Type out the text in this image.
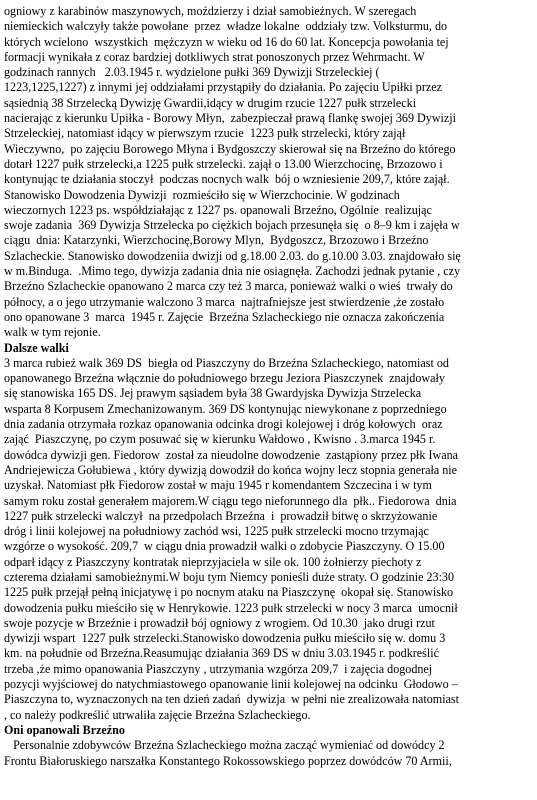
ogniowy z karabinów maszynowych, moździerzy i dział samobieżnych. W szeregach
niemieckich walczyły także powołane  przez  władze lokalne  oddziały tzw. Volksturmu, do
których wcielono  wszystkich  mężczyzn w wieku od 16 do 60 lat. Koncepcja powołania tej
formacji wynikała z coraz bardziej dotkliwych strat ponoszonych przez Wehrmacht. W
godzinach rannych   2.03.1945 r. wydzielone pułki 369 Dywizji Strzeleckiej (
1223,1225,1227) z innymi jej oddziałami przystąpiły do działania. Po zajęciu Upiłki przez
sąsiednią 38 Strzelecką Dywizję Gwardii,idący w drugim rzucie 1227 pułk strzelecki
nacierając z kierunku Upiłka - Borowy Młyn,  zabezpieczał prawą flankę swojej 369 Dywizji
Strzeleckiej, natomiast idący w pierwszym rzucie  1223 pułk strzelecki, który zajął
Wieczywno,  po zajęciu Borowego Młyna i Bydgoszczy skierował się na Brzeźno do którego
dotarł 1227 pułk strzelecki,a 1225 pułk strzelecki. zajął o 13.00 Wierzchocinę, Brzozowo i
kontynując te działania stoczył  podczas nocnych walk  bój o wzniesienie 209,7, które zajął.
Stanowisko Dowodzenia Dywizji  rozmieściło się w Wierzchocinie. W godzinach
wieczornych 1223 ps. współdziałając z 1227 ps. opanowali Brzeźno, Ogólnie  realizując
swoje zadania  369 Dywizja Strzelecka po ciężkich bojach przesunęła się  o 8–9 km i zajęła w
ciągu  dnia: Katarzynki, Wierzchocinę,Borowy Mlyn,  Bydgoszcz, Brzozowo i Brzeźno
Szlacheckie. Stanowisko dowodzeniia dwizji od g.18.00 2.03. do g.10.00 3.03. znajdowało się
w m.Binduga.  .Mimo tego, dywizja zadania dnia nie osiagnęła. Zachodzi jednak pytanie , czy
Brzeźno Szlacheckie opanowano 2 marca czy też 3 marca, ponieważ walki o wieś  trwały do
północy, a o jego utrzymanie walczono 3 marca  najtrafniejsze jest stwierdzenie ,że zostało
ono opanowane 3  marca  1945 r. Zajęcie  Brzeźna Szlacheckiego nie oznacza zakończenia
walk w tym rejonie.
Dalsze walki
3 marca rubieź walk 369 DS  biegła od Piaszczyny do Brzeźna Szlacheckiego, natomiast od
opanowanego Brzeźna włącznie do południowego brzegu Jeziora Piaszczynek  znajdowały
się stanowiska 165 DS. Jej prawym sąsiadem była 38 Gwardyjska Dywizja Strzelecka
wsparta 8 Korpusem Zmechanizowanym. 369 DS kontynując niewykonane z poprzedniego
dnia zadania otrzymała rozkaz opanowania odcinka drogi kolejowej i dróg kołowych  oraz
zająć  Piaszczynę, po czym posuwać się w kierunku Wałdowo , Kwisno . 3.marca 1945 r.
dowódca dywizji gen. Fiedorow  został za nieudolne dowodzenie  zastąpiony przez płk Iwana
Andriejewicza Gołubiewa , który dywizją dowodził do końca wojny lecz stopnia generała nie
uzyskał. Natomiast płk Fiedorow został w maju 1945 r komendantem Szczecina i w tym
samym roku został generałem majorem.W ciągu tego nieforunnego dla  płk.. Fiedorowa  dnia
1227 pułk strzelecki walczył  na przedpolach Brzeźna  i  prowadził bitwę o skrzyżowanie
dróg i linii kolejowej na południowy zachód wsi, 1225 pułk strzelecki mocno trzymając
wzgórze o wysokość. 209,7  w ciągu dnia prowadził walki o zdobycie Piaszczyny. O 15.00
odparł idący z Piaszczyny kontratak nieprzyjaciela w sile ok. 100 żołnierzy piechoty z
czterema działami samobieżnymi.W boju tym Niemcy ponieśli duże straty. O godzinie 23:30
1225 pułk przejął pełną inicjatywę i po nocnym ataku na Piaszczynę  okopał się. Stanowisko
dowodzenia pułku mieściło się w Henrykowie. 1223 pułk strzelecki w nocy 3 marca  umocnił
swoje pozycje w Brzeźnie i prowadził bój ogniowy z wrogiem. Od 10.30  jako drugi rzut
dywizji wspart  1227 pułk strzelecki.Stanowisko dowodzenia pułku mieściło się w. domu 3
km. na południe od Brzeźna.Reasumując działania 369 DS w dniu 3.03.1945 r. podkreślić
trzeba ,że mimo opanowania Piaszczyny , utrzymania wzgórza 209,7  i zajęcia dogodnej
pozycji wyjściowej do natychmiastowego opanowanie linii kolejowej na odcinku  Głodowo –
Piaszczyna to, wyznaczonych na ten dzień zadań  dywizja  w pełni nie zrealizowała natomiast
, co należy podkreślić utrwaliła zajęcie Brzeźna Szlacheckiego.
Oni opanowali Brzeźno
Personalnie zdobywców Brzeźna Szlacheckiego można zacząć wymieniać od dowódcy 2
Frontu Białoruskiego narszałka Konstantego Rokossowskiego poprzez dowódców 70 Armii,
